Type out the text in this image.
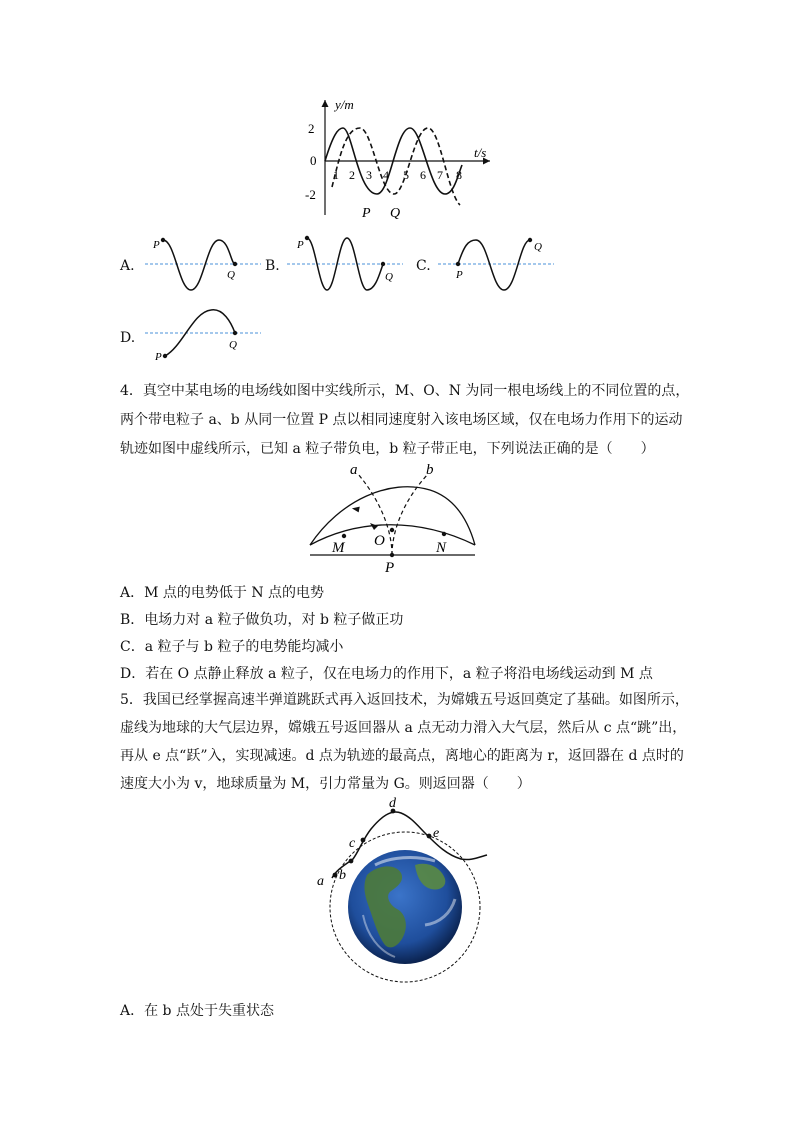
y/m
t/s
2
0
-2
1 2 3 4 5 6 7 8
P Q
A.
P
Q
B.
P
Q
C.
P
Q
D.
P
Q
4．真空中某电场的电场线如图中实线所示，M、O、N 为同一根电场线上的不同位置的点，
两个带电粒子 a、b 从同一位置 P 点以相同速度射入该电场区域，仅在电场力作用下的运动
轨迹如图中虚线所示，已知 a 粒子带负电，b 粒子带正电，下列说法正确的是（　　）
a	b
M O	N
P
A．M 点的电势低于 N 点的电势
B．电场力对 a 粒子做负功，对 b 粒子做正功
C．a 粒子与 b 粒子的电势能均减小
D．若在 O 点静止释放 a 粒子，仅在电场力的作用下，a 粒子将沿电场线运动到 M 点
5．我国已经掌握高速半弹道跳跃式再入返回技术，为嫦娥五号返回奠定了基础。如图所示，
虚线为地球的大气层边界，嫦娥五号返回器从 a 点无动力滑入大气层，然后从 c 点“跳”出，
再从 e 点“跃”入，实现减速。d 点为轨迹的最高点，离地心的距离为 r，返回器在 d 点时的
速度大小为 v，地球质量为 M，引力常量为 G。则返回器（　　）
a b
c
d
e
A．在 b 点处于失重状态
